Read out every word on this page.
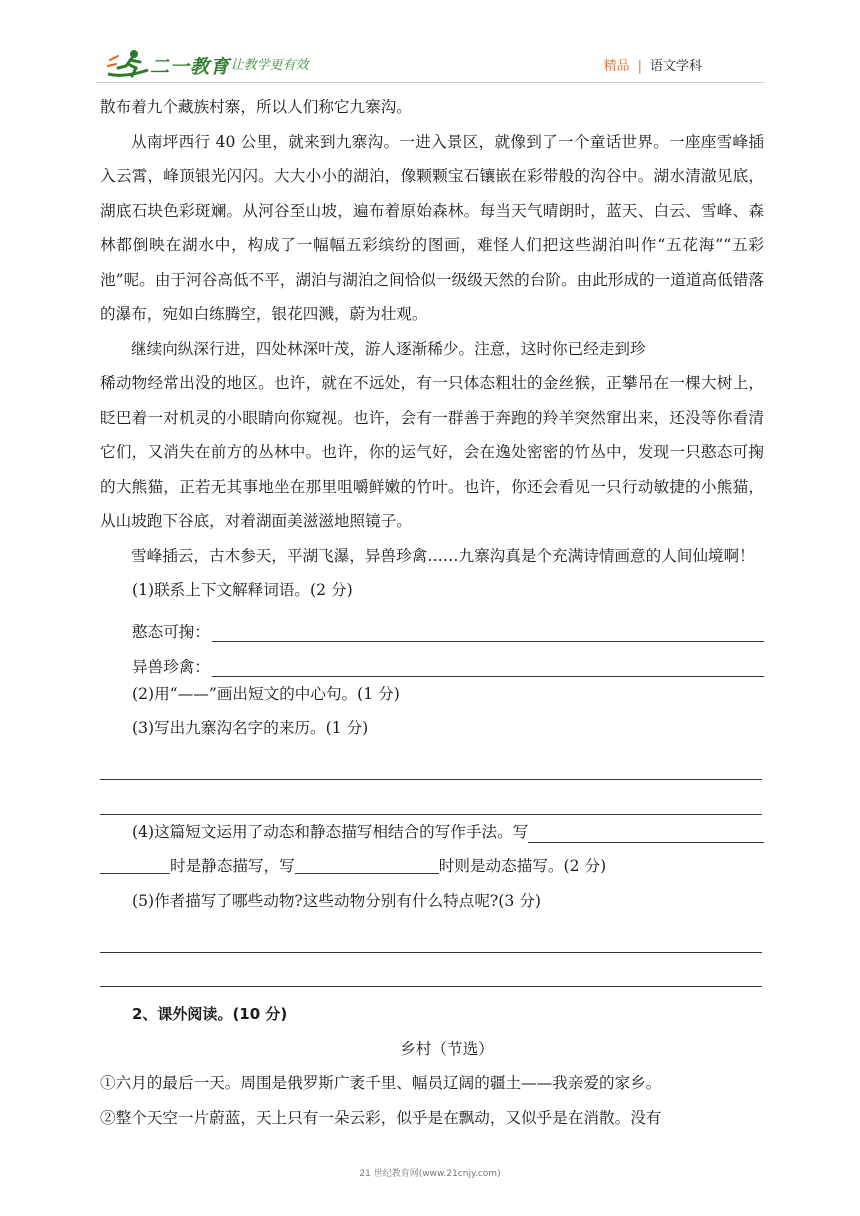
二一教育
/ 让教学更有效	精品 | 语文学科

散布着九个藏族村寨，所以人们称它九寨沟。

从南坪西行 40 公里，就来到九寨沟。一进入景区，就像到了一个童话世界。一座座雪峰插入云霄，峰顶银光闪闪。大大小小的湖泊，像颗颗宝石镶嵌在彩带般的沟谷中。湖水清澈见底，湖底石块色彩斑斓。从河谷至山坡，遍布着原始森林。每当天气晴朗时，蓝天、白云、雪峰、森林都倒映在湖水中，构成了一幅幅五彩缤纷的图画，难怪人们把这些湖泊叫作“五花海”“五彩池”呢。由于河谷高低不平，湖泊与湖泊之间恰似一级级天然的台阶。由此形成的一道道高低错落的瀑布，宛如白练腾空，银花四溅，蔚为壮观。

继续向纵深行进，四处林深叶茂，游人逐渐稀少。注意，这时你已经走到珍

稀动物经常出没的地区。也许，就在不远处，有一只体态粗壮的金丝猴，正攀吊在一棵大树上，眨巴着一对机灵的小眼睛向你窥视。也许，会有一群善于奔跑的羚羊突然窜出来，还没等你看清它们，又消失在前方的丛林中。也许，你的运气好，会在逸处密密的竹丛中，发现一只憨态可掬的大熊猫，正若无其事地坐在那里咀嚼鲜嫩的竹叶。也许，你还会看见一只行动敏捷的小熊猫，从山坡跑下谷底，对着湖面美滋滋地照镜子。

雪峰插云，古木参天，平湖飞瀑，异兽珍禽……九寨沟真是个充满诗情画意的人间仙境啊！

(1)联系上下文解释词语。(2 分)

憨态可掬：
异兽珍禽：

(2)用“——”画出短文的中心句。(1 分)

(3)写出九寨沟名字的来历。(1 分)

(4)这篇短文运用了动态和静态描写相结合的写作手法。写

时是静态描写，写	时则是动态描写。(2 分)

(5)作者描写了哪些动物?这些动物分别有什么特点呢?(3 分)

2、课外阅读。(10 分)
乡村（节选）

①六月的最后一天。周围是俄罗斯广袤千里、幅员辽阔的疆土——我亲爱的家乡。

②整个天空一片蔚蓝，天上只有一朵云彩，似乎是在飘动，又似乎是在消散。没有

21 世纪教育网(www.21cnjy.com)
